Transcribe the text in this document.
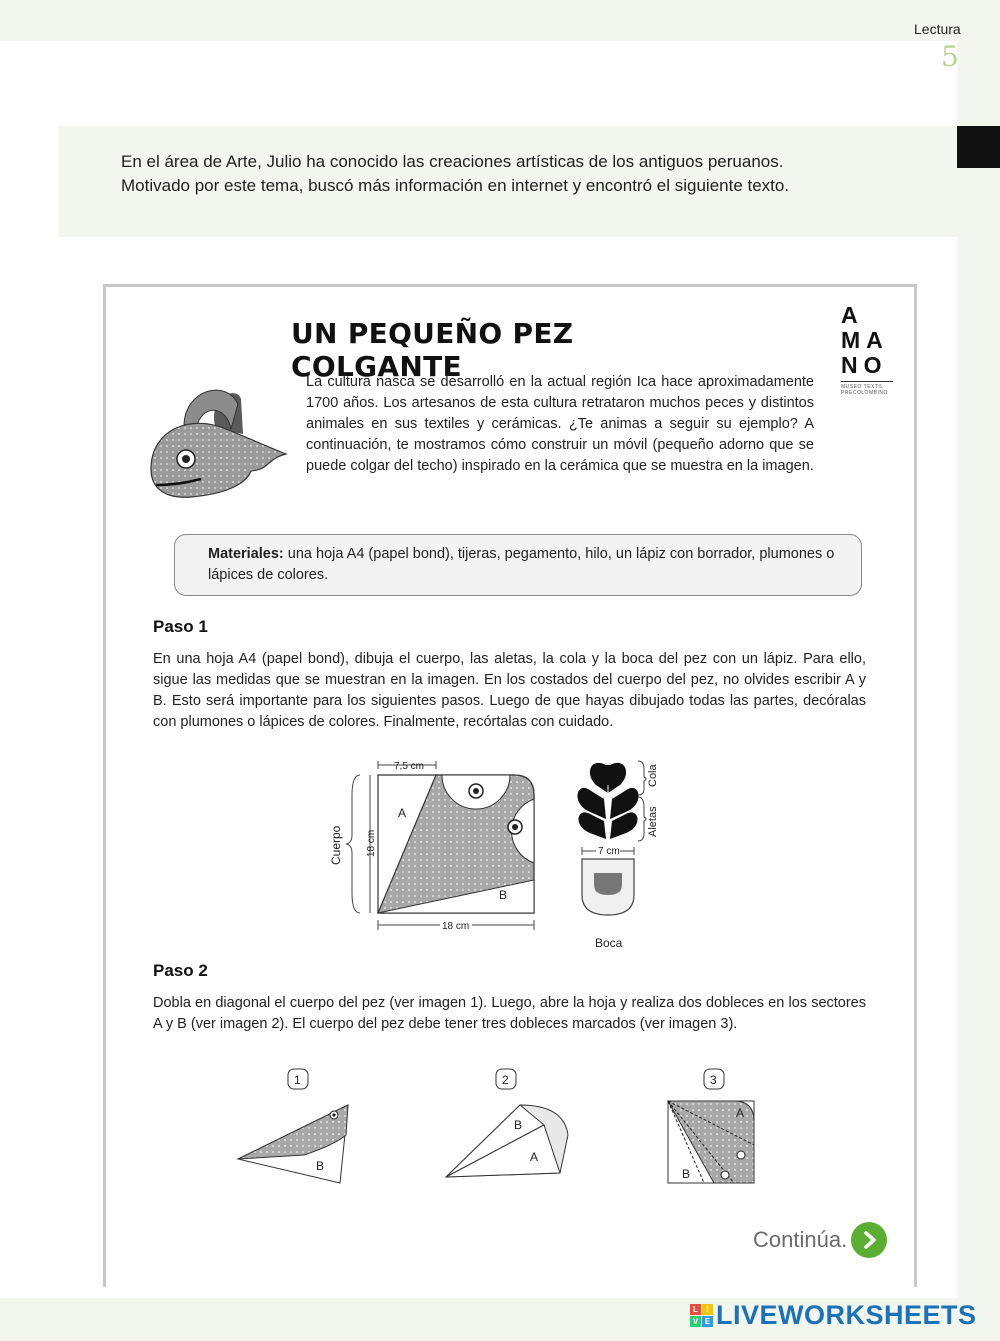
Lectura
5
En el área de Arte, Julio ha conocido las creaciones artísticas de los antiguos peruanos.
Motivado por este tema, buscó más información en internet y encontró el siguiente texto.
UN PEQUEÑO PEZ COLGANTE
A
MA
NO
MUSEO TEXTIL PRECOLOMBINO
La cultura nasca se desarrolló en la actual región Ica hace aproximadamente 1700 años. Los artesanos de esta cultura retrataron muchos peces y distintos animales en sus textiles y cerámicas. ¿Te animas a seguir su ejemplo? A continuación, te mostramos cómo construir un móvil (pequeño adorno que se puede colgar del techo) inspirado en la cerámica que se muestra en la imagen.
Materiales: una hoja A4 (papel bond), tijeras, pegamento, hilo, un lápiz con borrador, plumones o lápices de colores.
Paso 1
En una hoja A4 (papel bond), dibuja el cuerpo, las aletas, la cola y la boca del pez con un lápiz. Para ello, sigue las medidas que se muestran en la imagen. En los costados del cuerpo del pez, no olvides escribir A y B. Esto será importante para los siguientes pasos. Luego de que hayas dibujado todas las partes, decóralas con plumones o lápices de colores. Finalmente, recórtalas con cuidado.
7,5 cm
A
B
18 cm
18 cm
Cuerpo
Cola
Aletas
7 cm
Boca
Paso 2
Dobla en diagonal el cuerpo del pez (ver imagen 1). Luego, abre la hoja y realiza dos dobleces en los sectores A y B (ver imagen 2). El cuerpo del pez debe tener tres dobleces marcados (ver imagen 3).
1
B
2
B
A
3
A
B
Continúa.
L	I
V E LIVEWORKSHEETS
